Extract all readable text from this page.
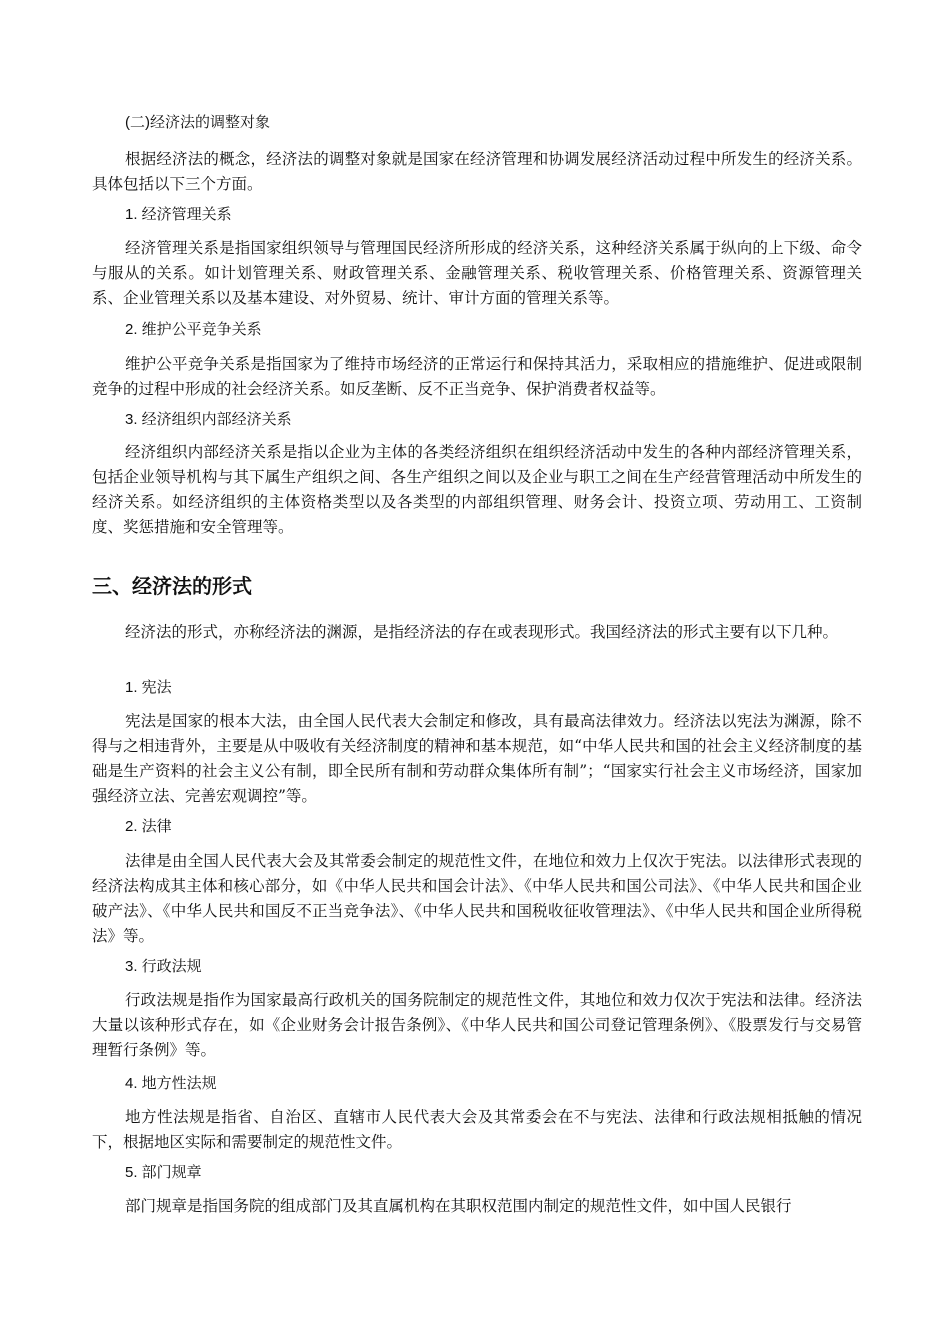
(二)经济法的调整对象

根据经济法的概念，经济法的调整对象就是国家在经济管理和协调发展经济活动过程中所发生的经济关系。具体包括以下三个方面。

1. 经济管理关系

经济管理关系是指国家组织领导与管理国民经济所形成的经济关系，这种经济关系属于纵向的上下级、命令与服从的关系。如计划管理关系、财政管理关系、金融管理关系、税收管理关系、价格管理关系、资源管理关系、企业管理关系以及基本建设、对外贸易、统计、审计方面的管理关系等。

2. 维护公平竞争关系

维护公平竞争关系是指国家为了维持市场经济的正常运行和保持其活力，采取相应的措施维护、促进或限制竞争的过程中形成的社会经济关系。如反垄断、反不正当竞争、保护消费者权益等。

3. 经济组织内部经济关系

经济组织内部经济关系是指以企业为主体的各类经济组织在组织经济活动中发生的各种内部经济管理关系，包括企业领导机构与其下属生产组织之间、各生产组织之间以及企业与职工之间在生产经营管理活动中所发生的经济关系。如经济组织的主体资格类型以及各类型的内部组织管理、财务会计、投资立项、劳动用工、工资制度、奖惩措施和安全管理等。

三、经济法的形式

经济法的形式，亦称经济法的渊源，是指经济法的存在或表现形式。我国经济法的形式主要有以下几种。

1. 宪法

宪法是国家的根本大法，由全国人民代表大会制定和修改，具有最高法律效力。经济法以宪法为渊源，除不得与之相违背外，主要是从中吸收有关经济制度的精神和基本规范，如“中华人民共和国的社会主义经济制度的基础是生产资料的社会主义公有制，即全民所有制和劳动群众集体所有制”；“国家实行社会主义市场经济，国家加强经济立法、完善宏观调控”等。

2. 法律

法律是由全国人民代表大会及其常委会制定的规范性文件，在地位和效力上仅次于宪法。以法律形式表现的经济法构成其主体和核心部分，如《中华人民共和国会计法》、《中华人民共和国公司法》、《中华人民共和国企业破产法》、《中华人民共和国反不正当竞争法》、《中华人民共和国税收征收管理法》、《中华人民共和国企业所得税法》等。

3. 行政法规

行政法规是指作为国家最高行政机关的国务院制定的规范性文件，其地位和效力仅次于宪法和法律。经济法大量以该种形式存在，如《企业财务会计报告条例》、《中华人民共和国公司登记管理条例》、《股票发行与交易管理暂行条例》等。

4. 地方性法规

地方性法规是指省、自治区、直辖市人民代表大会及其常委会在不与宪法、法律和行政法规相抵触的情况下，根据地区实际和需要制定的规范性文件。

5. 部门规章

部门规章是指国务院的组成部门及其直属机构在其职权范围内制定的规范性文件，如中国人民银行
